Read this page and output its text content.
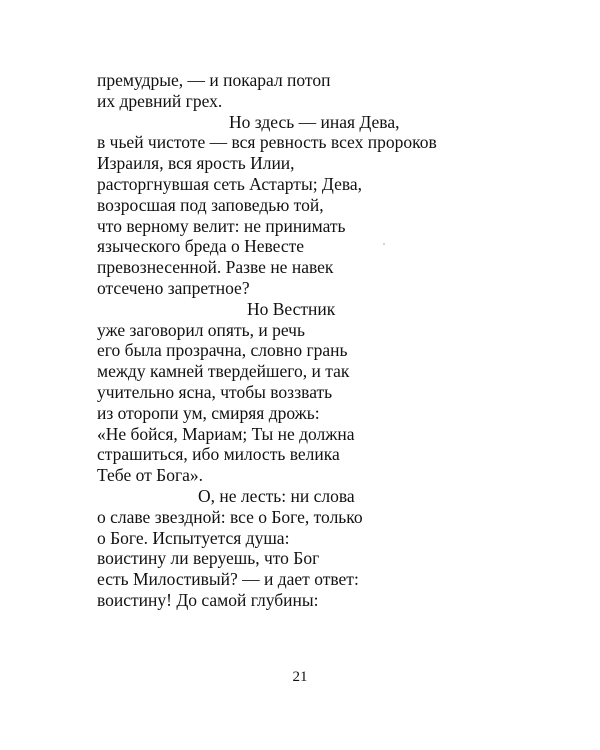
премудрые, — и покарал потоп
их древний грех.
Но здесь — иная Дева,
в чьей чистоте — вся ревность всех пророков
Израиля, вся ярость Илии,
расторгнувшая сеть Астарты; Дева,
возросшая под заповедью той,
что верному велит: не принимать
языческого бреда о Невесте
превознесенной. Разве не навек
отсечено запретное?
Но Вестник
уже заговорил опять, и речь
его была прозрачна, словно грань
между камней твердейшего, и так
учительно ясна, чтобы воззвать
из оторопи ум, смиряя дрожь:
«Не бойся, Мариам; Ты не должна
страшиться, ибо милость велика
Тебе от Бога».
О, не лесть: ни слова
о славе звездной: все о Боге, только
о Боге. Испытуется душа:
воистину ли веруешь, что Бог
есть Милостивый? — и дает ответ:
воистину! До самой глубины:
21
